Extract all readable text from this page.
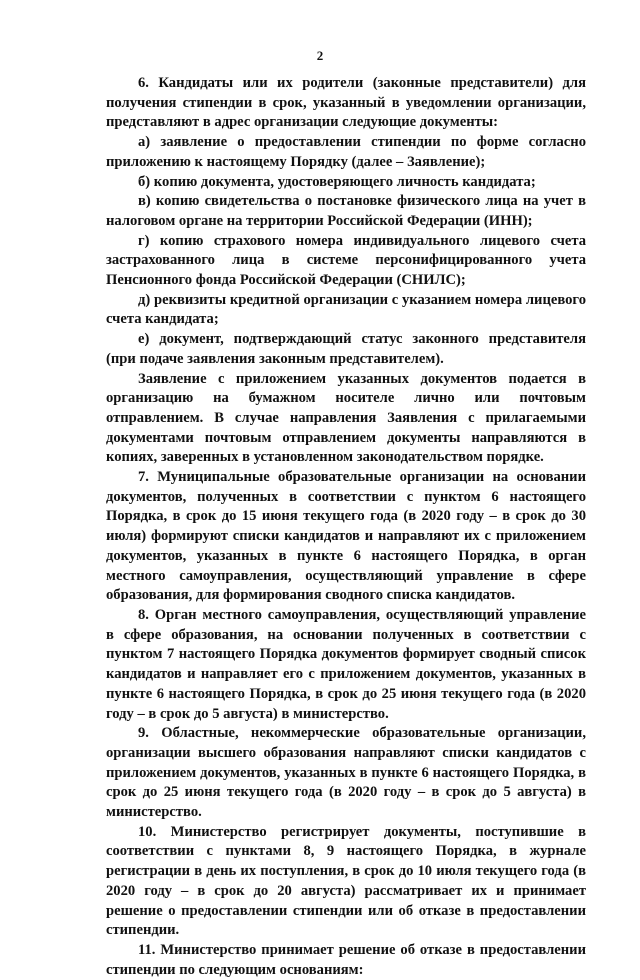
2

6. Кандидаты или их родители (законные представители) для получения стипендии в срок, указанный в уведомлении организации, представляют в адрес организации следующие документы:

а) заявление о предоставлении стипендии по форме согласно приложению к настоящему Порядку (далее – Заявление);

б) копию документа, удостоверяющего личность кандидата;

в) копию свидетельства о постановке физического лица на учет в налоговом органе на территории Российской Федерации (ИНН);

г) копию страхового номера индивидуального лицевого счета застрахованного лица в системе персонифицированного учета Пенсионного фонда Российской Федерации (СНИЛС);

д) реквизиты кредитной организации с указанием номера лицевого счета кандидата;

е) документ, подтверждающий статус законного представителя (при подаче заявления законным представителем).

Заявление с приложением указанных документов подается в организацию на бумажном носителе лично или почтовым отправлением. В случае направления Заявления с прилагаемыми документами почтовым отправлением документы направляются в копиях, заверенных в установленном законодательством порядке.

7. Муниципальные образовательные организации на основании документов, полученных в соответствии с пунктом 6 настоящего Порядка, в срок до 15 июня текущего года (в 2020 году – в срок до 30 июля) формируют списки кандидатов и направляют их с приложением документов, указанных в пункте 6 настоящего Порядка, в орган местного самоуправления, осуществляющий управление в сфере образования, для формирования сводного списка кандидатов.

8. Орган местного самоуправления, осуществляющий управление в сфере образования, на основании полученных в соответствии с пунктом 7 настоящего Порядка документов формирует сводный список кандидатов и направляет его с приложением документов, указанных в пункте 6 настоящего Порядка, в срок до 25 июня текущего года (в 2020 году – в срок до 5 августа) в министерство.

9. Областные, некоммерческие образовательные организации, организации высшего образования направляют списки кандидатов с приложением документов, указанных в пункте 6 настоящего Порядка, в срок до 25 июня текущего года (в 2020 году – в срок до 5 августа) в министерство.

10. Министерство регистрирует документы, поступившие в соответствии с пунктами 8, 9 настоящего Порядка, в журнале регистрации в день их поступления, в срок до 10 июля текущего года (в 2020 году – в срок до 20 августа) рассматривает их и принимает решение о предоставлении стипендии или об отказе в предоставлении стипендии.

11. Министерство принимает решение об отказе в предоставлении стипендии по следующим основаниям:
